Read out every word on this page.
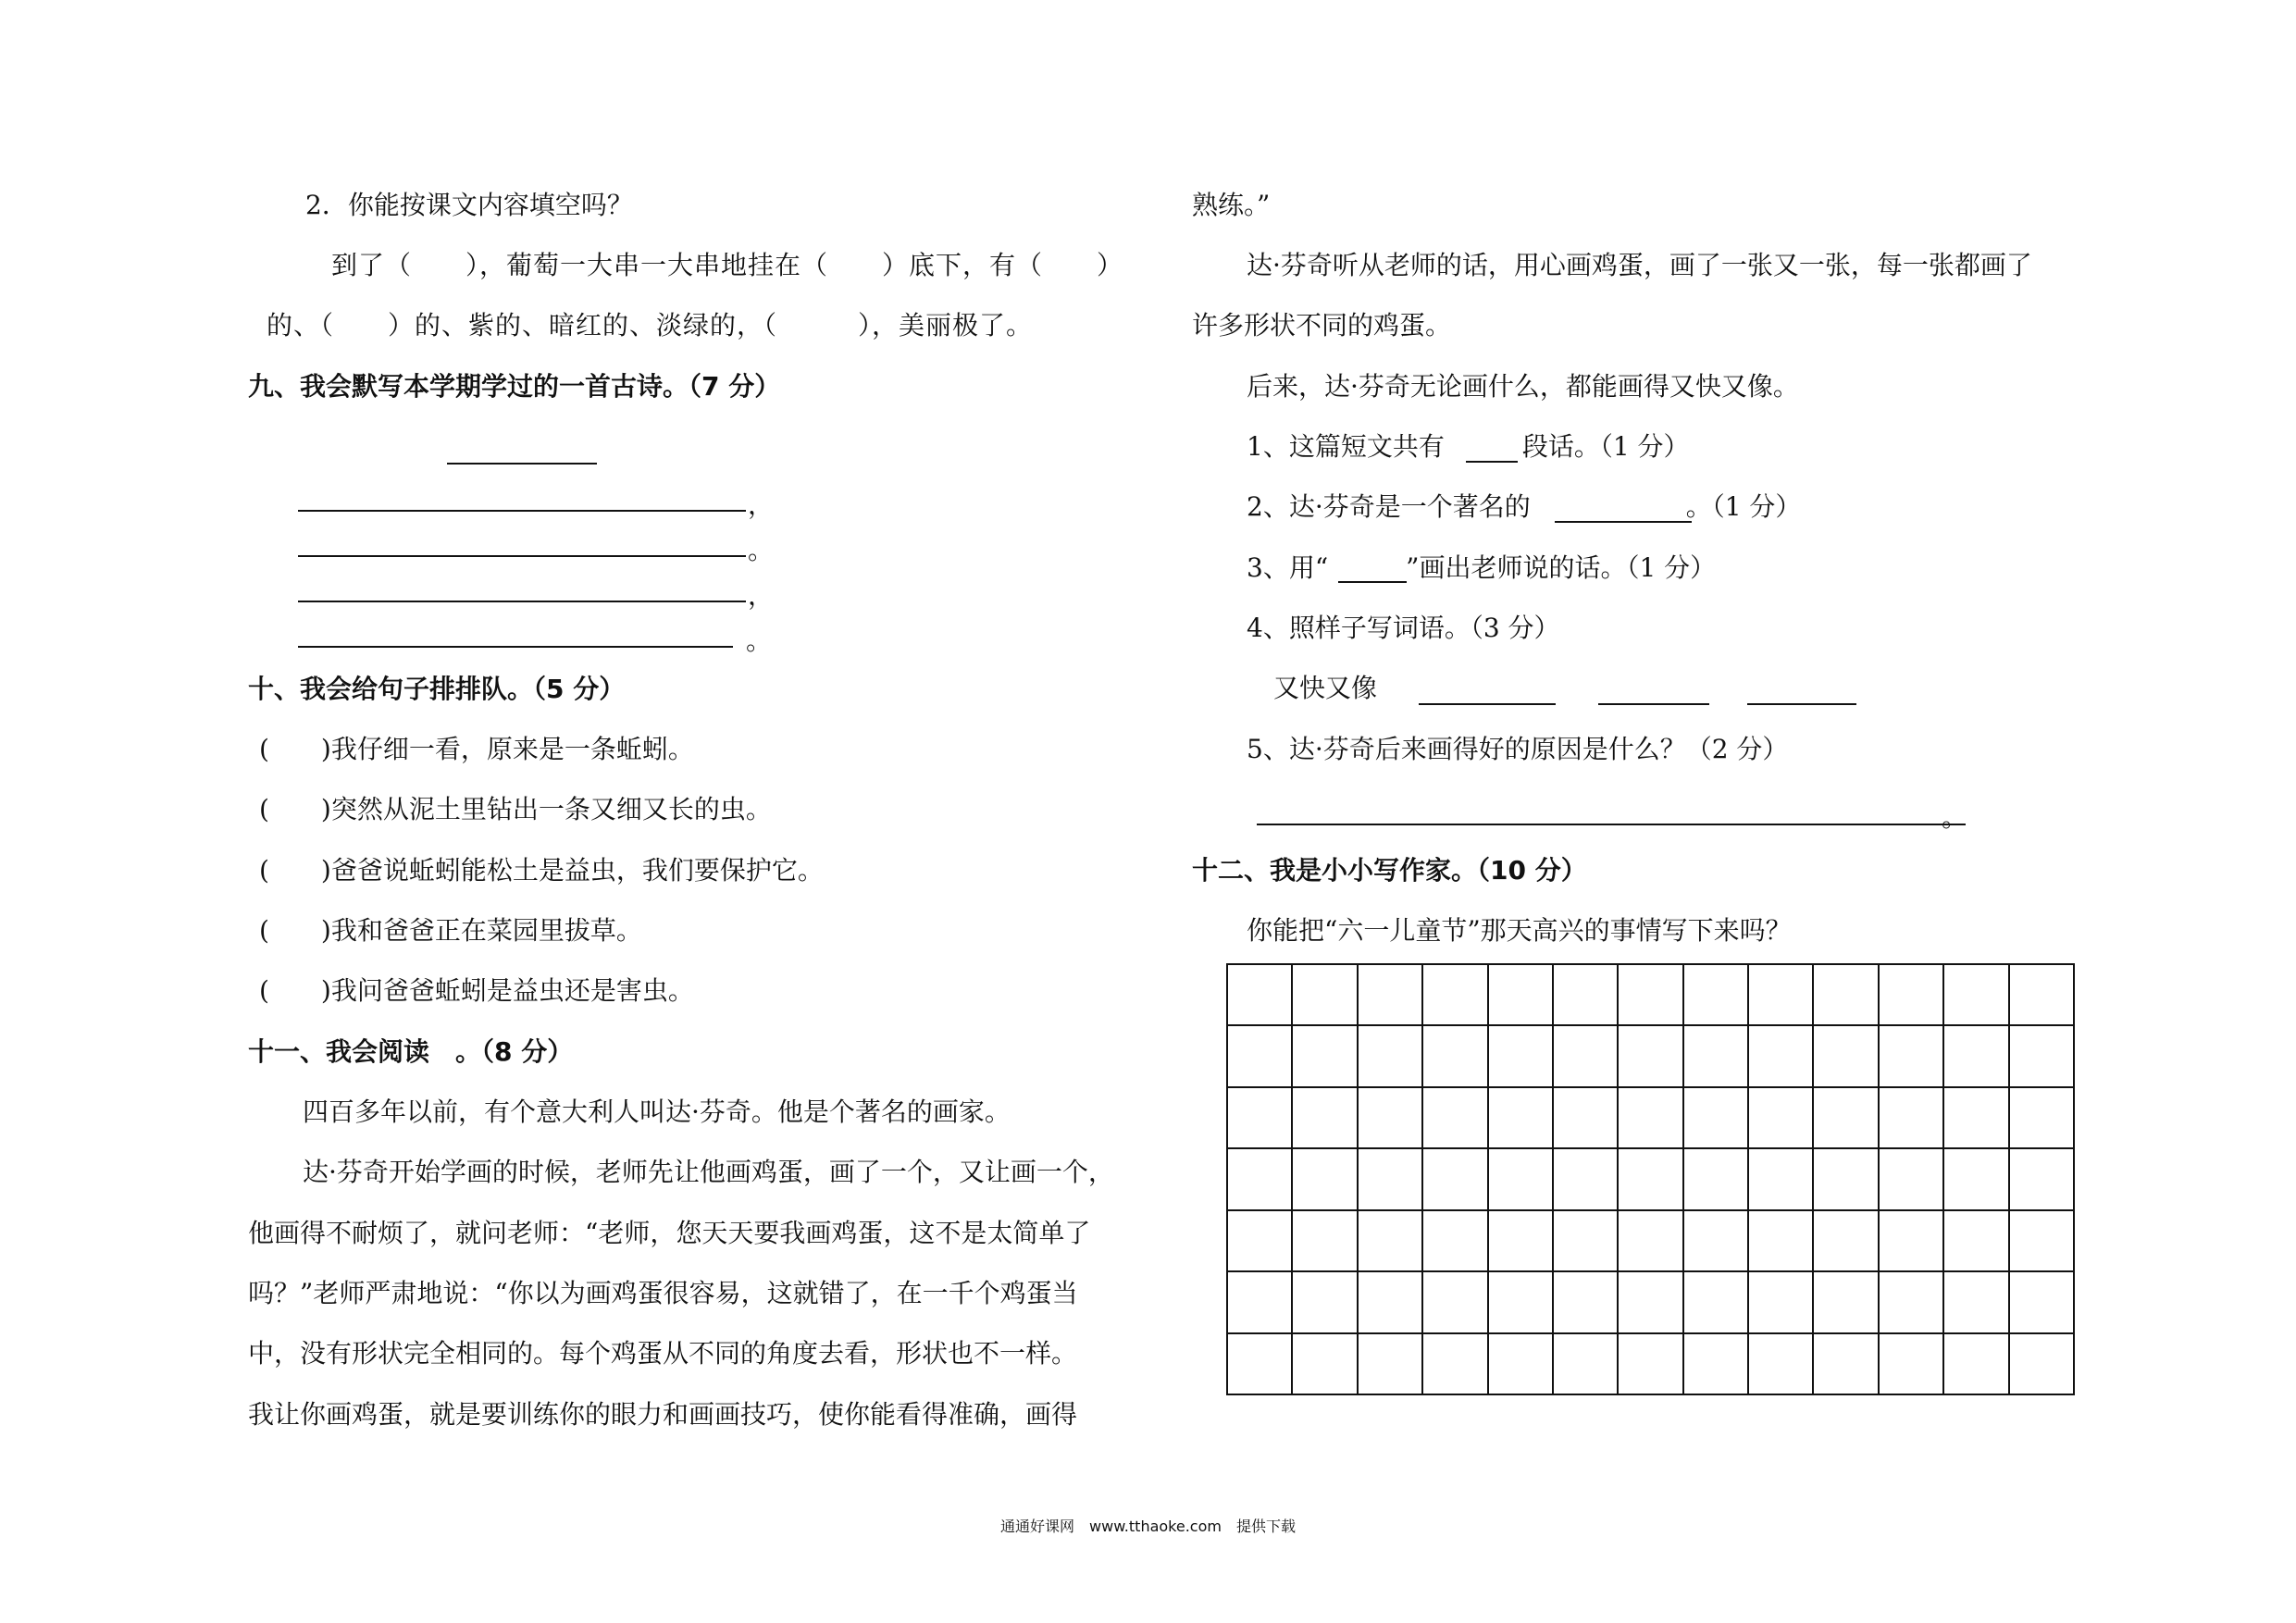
2．你能按课文内容填空吗？
到了（　　），葡萄一大串一大串地挂在（　　）底下，有（　　）
的、（　　）的、紫的、暗红的、淡绿的，（　　　），美丽极了。
九、我会默写本学期学过的一首古诗。（7 分）
，
。
，
。
十、我会给句子排排队。（5 分）
(　　)我仔细一看，原来是一条蚯蚓。
(　　)突然从泥土里钻出一条又细又长的虫。
(　　)爸爸说蚯蚓能松土是益虫，我们要保护它。
(　　)我和爸爸正在菜园里拔草。
(　　)我问爸爸蚯蚓是益虫还是害虫。
十一、我会阅读　。（8 分）
四百多年以前，有个意大利人叫达·芬奇。他是个著名的画家。
达·芬奇开始学画的时候，老师先让他画鸡蛋，画了一个，又让画一个，
他画得不耐烦了，就问老师：“老师，您天天要我画鸡蛋，这不是太简单了
吗？”老师严肃地说：“你以为画鸡蛋很容易，这就错了，在一千个鸡蛋当
中，没有形状完全相同的。每个鸡蛋从不同的角度去看，形状也不一样。
我让你画鸡蛋，就是要训练你的眼力和画画技巧，使你能看得准确，画得
熟练。”
达·芬奇听从老师的话，用心画鸡蛋，画了一张又一张，每一张都画了
许多形状不同的鸡蛋。
后来，达·芬奇无论画什么，都能画得又快又像。
1、这篇短文共有　　　段话。（1 分）
2、达·芬奇是一个著名的　　　　　　。（1 分）
3、用“　　　”画出老师说的话。（1 分）
4、照样子写词语。（3 分）
又快又像
5、达·芬奇后来画得好的原因是什么？（2 分）
。
十二、我是小小写作家。（10 分）
你能把“六一儿童节”那天高兴的事情写下来吗？

通通好课网　www.tthaoke.com　提供下载
